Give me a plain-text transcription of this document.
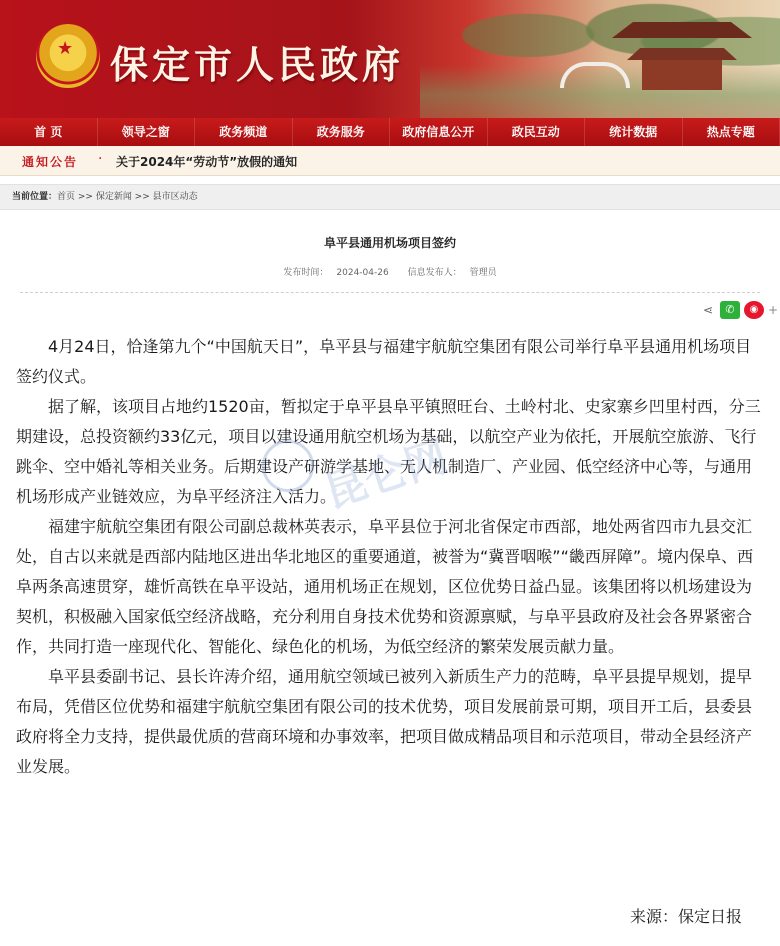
★ 保定市人民政府
首 页	领导之窗	政务频道	政务服务	政府信息公开	政民互动	统计数据	热点专题
通知公告 · 关于2024年“劳动节”放假的通知
当前位置：首页 >> 保定新闻 >> 县市区动态
阜平县通用机场项目签约
发布时间： 2024-04-26 信息发布人： 管理员
⋖	✆	◉ +

4月24日，恰逢第九个“中国航天日”，阜平县与福建宇航航空集团有限公司举行阜平县通用机场项目签约仪式。

据了解，该项目占地约1520亩，暂拟定于阜平县阜平镇照旺台、土岭村北、史家寨乡凹里村西，分三期建设，总投资额约33亿元，项目以建设通用航空机场为基础，以航空产业为依托，开展航空旅游、飞行跳伞、空中婚礼等相关业务。后期建设产研游学基地、无人机制造厂、产业园、低空经济中心等，与通用机场形成产业链效应，为阜平经济注入活力。

福建宇航航空集团有限公司副总裁林英表示，阜平县位于河北省保定市西部，地处两省四市九县交汇处，自古以来就是西部内陆地区进出华北地区的重要通道，被誉为“冀晋咽喉”“畿西屏障”。境内保阜、西阜两条高速贯穿，雄忻高铁在阜平设站，通用机场正在规划，区位优势日益凸显。该集团将以机场建设为契机，积极融入国家低空经济战略，充分利用自身技术优势和资源禀赋，与阜平县政府及社会各界紧密合作，共同打造一座现代化、智能化、绿色化的机场，为低空经济的繁荣发展贡献力量。

阜平县委副书记、县长许涛介绍，通用航空领域已被列入新质生产力的范畴，阜平县提早规划，提早布局，凭借区位优势和福建宇航航空集团有限公司的技术优势，项目发展前景可期，项目开工后，县委县政府将全力支持，提供最优质的营商环境和办事效率，把项目做成精品项目和示范项目，带动全县经济产业发展。

来源：保定日报
昆仑网
